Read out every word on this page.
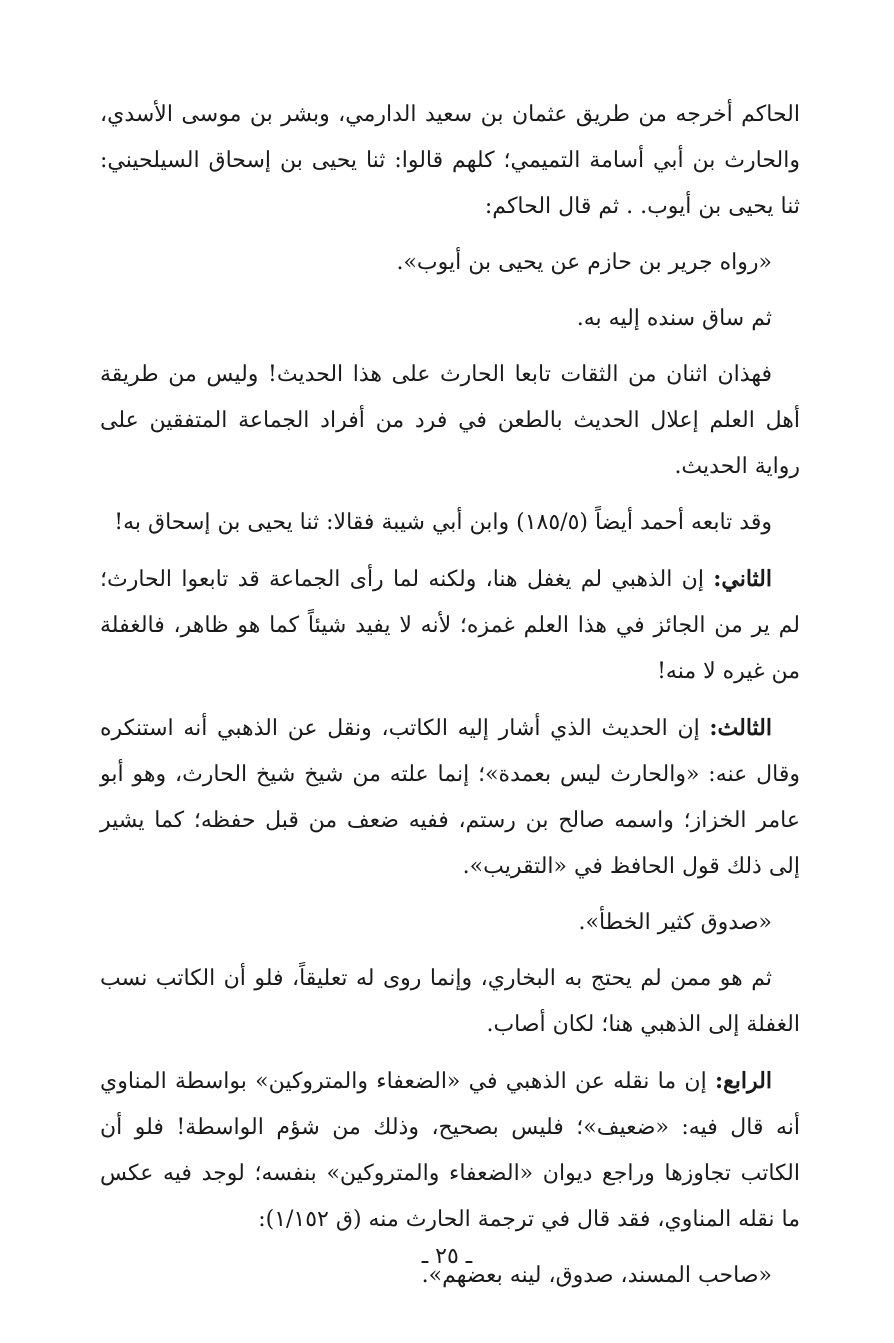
الحاكم أخرجه من طريق عثمان بن سعيد الدارمي، وبشر بن موسى الأسدي، والحارث بن أبي أسامة التميمي؛ كلهم قالوا: ثنا يحيى بن إسحاق السيلحيني: ثنا يحيى بن أيوب. . ثم قال الحاكم:

«رواه جرير بن حازم عن يحيى بن أيوب».

ثم ساق سنده إليه به.

فهذان اثنان من الثقات تابعا الحارث على هذا الحديث! وليس من طريقة أهل العلم إعلال الحديث بالطعن في فرد من أفراد الجماعة المتفقين على رواية الحديث.

وقد تابعه أحمد أيضاً (١٨٥/٥) وابن أبي شيبة فقالا: ثنا يحيى بن إسحاق به!

الثاني: إن الذهبي لم يغفل هنا، ولكنه لما رأى الجماعة قد تابعوا الحارث؛ لم ير من الجائز في هذا العلم غمزه؛ لأنه لا يفيد شيئاً كما هو ظاهر، فالغفلة من غيره لا منه!

الثالث: إن الحديث الذي أشار إليه الكاتب، ونقل عن الذهبي أنه استنكره وقال عنه: «والحارث ليس بعمدة»؛ إنما علته من شيخ شيخ الحارث، وهو أبو عامر الخزاز؛ واسمه صالح بن رستم، ففيه ضعف من قبل حفظه؛ كما يشير إلى ذلك قول الحافظ في «التقريب».

«صدوق كثير الخطأ».

ثم هو ممن لم يحتج به البخاري، وإنما روى له تعليقاً، فلو أن الكاتب نسب الغفلة إلى الذهبي هنا؛ لكان أصاب.

الرابع: إن ما نقله عن الذهبي في «الضعفاء والمتروكين» بواسطة المناوي أنه قال فيه: «ضعيف»؛ فليس بصحيح، وذلك من شؤم الواسطة! فلو أن الكاتب تجاوزها وراجع ديوان «الضعفاء والمتروكين» بنفسه؛ لوجد فيه عكس ما نقله المناوي، فقد قال في ترجمة الحارث منه (ق ١/١٥٢):

«صاحب المسند، صدوق، لينه بعضهم».

ـ ٢٥ ـ
